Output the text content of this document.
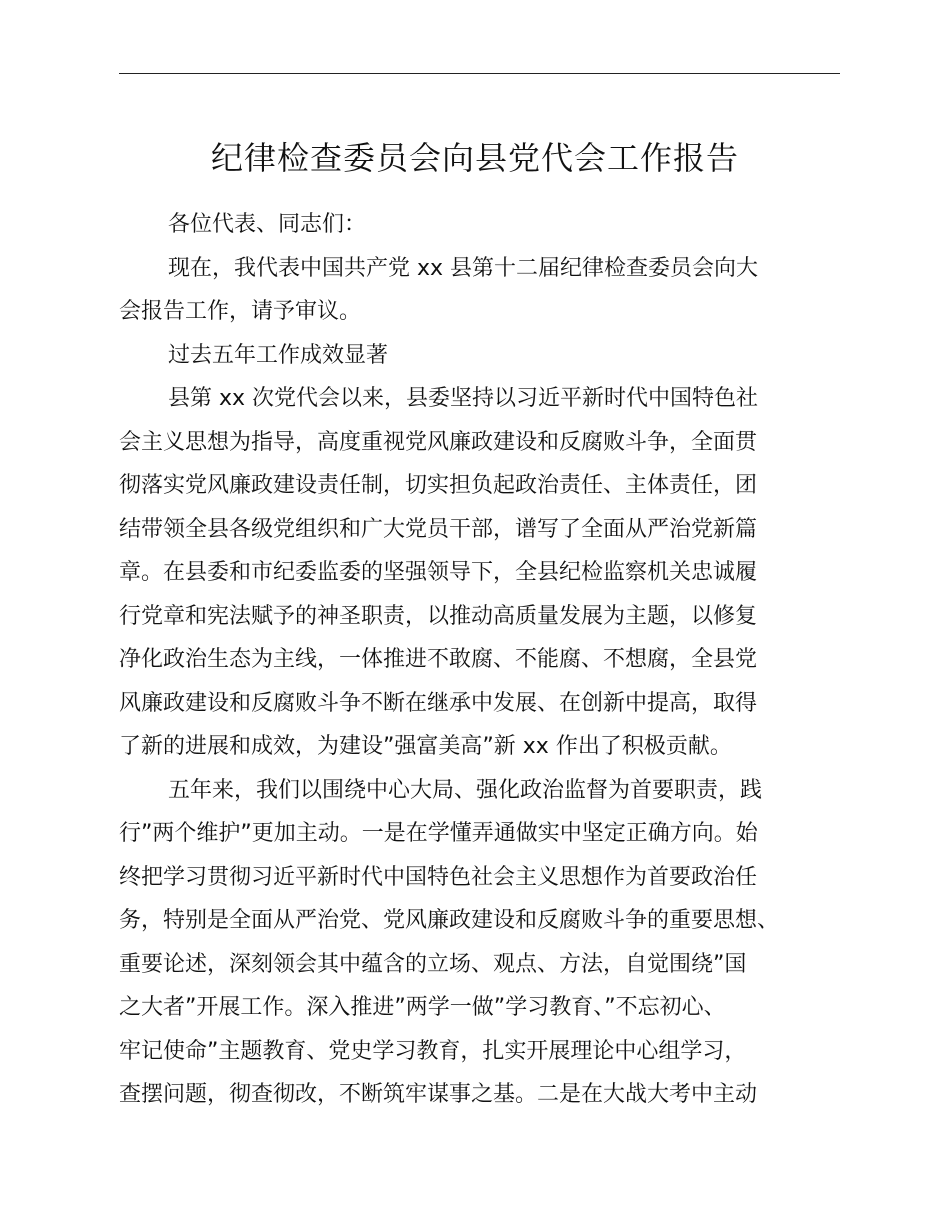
纪律检查委员会向县党代会工作报告

各位代表、同志们：

现在，我代表中国共产党 xx 县第十二届纪律检查委员会向大

会报告工作，请予审议。

过去五年工作成效显著

县第 xx 次党代会以来，县委坚持以习近平新时代中国特色社

会主义思想为指导，高度重视党风廉政建设和反腐败斗争，全面贯

彻落实党风廉政建设责任制，切实担负起政治责任、主体责任，团

结带领全县各级党组织和广大党员干部，谱写了全面从严治党新篇

章。在县委和市纪委监委的坚强领导下，全县纪检监察机关忠诚履

行党章和宪法赋予的神圣职责，以推动高质量发展为主题，以修复

净化政治生态为主线，一体推进不敢腐、不能腐、不想腐，全县党

风廉政建设和反腐败斗争不断在继承中发展、在创新中提高，取得

了新的进展和成效，为建设”强富美高”新 xx 作出了积极贡献。

五年来，我们以围绕中心大局、强化政治监督为首要职责，践

行”两个维护”更加主动。一是在学懂弄通做实中坚定正确方向。始

终把学习贯彻习近平新时代中国特色社会主义思想作为首要政治任

务，特别是全面从严治党、党风廉政建设和反腐败斗争的重要思想、

重要论述，深刻领会其中蕴含的立场、观点、方法，自觉围绕”国

之大者”开展工作。深入推进”两学一做”学习教育、”不忘初心、

牢记使命”主题教育、党史学习教育，扎实开展理论中心组学习，

查摆问题，彻查彻改，不断筑牢谋事之基。二是在大战大考中主动
